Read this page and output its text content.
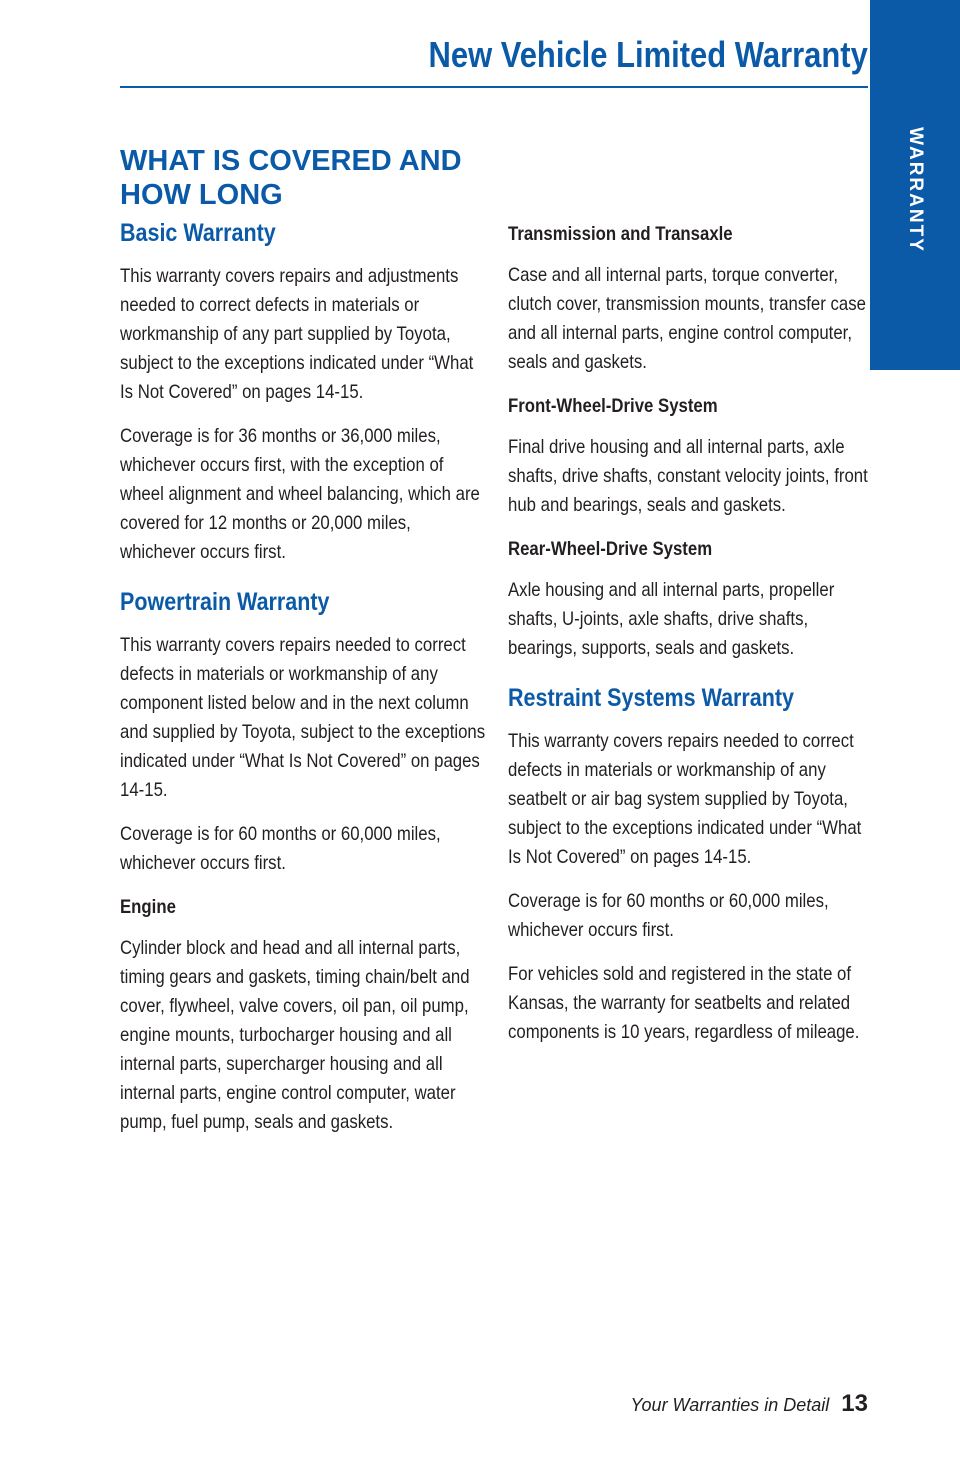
New Vehicle Limited Warranty
WARRANTY
WHAT IS COVERED AND HOW LONG
Basic Warranty

This warranty covers repairs and adjustments needed to correct defects in materials or workmanship of any part supplied by Toyota, subject to the exceptions indicated under “What Is Not Covered” on pages 14-15.

Coverage is for 36 months or 36,000 miles, whichever occurs first, with the exception of wheel alignment and wheel balancing, which are covered for 12 months or 20,000 miles, whichever occurs first.

Powertrain Warranty

This warranty covers repairs needed to correct defects in materials or workmanship of any component listed below and in the next column and supplied by Toyota, subject to the exceptions indicated under “What Is Not Covered” on pages 14-15.

Coverage is for 60 months or 60,000 miles, whichever occurs first.

Engine

Cylinder block and head and all internal parts, timing gears and gaskets, timing chain/belt and cover, flywheel, valve covers, oil pan, oil pump, engine mounts, turbocharger housing and all internal parts, supercharger housing and all internal parts, engine control computer, water pump, fuel pump, seals and gaskets.

Transmission and Transaxle

Case and all internal parts, torque converter, clutch cover, transmission mounts, transfer case and all internal parts, engine control computer, seals and gaskets.

Front-Wheel-Drive System

Final drive housing and all internal parts, axle shafts, drive shafts, constant velocity joints, front hub and bearings, seals and gaskets.

Rear-Wheel-Drive System

Axle housing and all internal parts, propeller shafts, U-joints, axle shafts, drive shafts, bearings, supports, seals and gaskets.

Restraint Systems Warranty

This warranty covers repairs needed to correct defects in materials or workmanship of any seatbelt or air bag system supplied by Toyota, subject to the exceptions indicated under “What Is Not Covered” on pages 14-15.

Coverage is for 60 months or 60,000 miles, whichever occurs first.

For vehicles sold and registered in the state of Kansas, the warranty for seatbelts and related components is 10 years, regardless of mileage.

Your Warranties in Detail 13
